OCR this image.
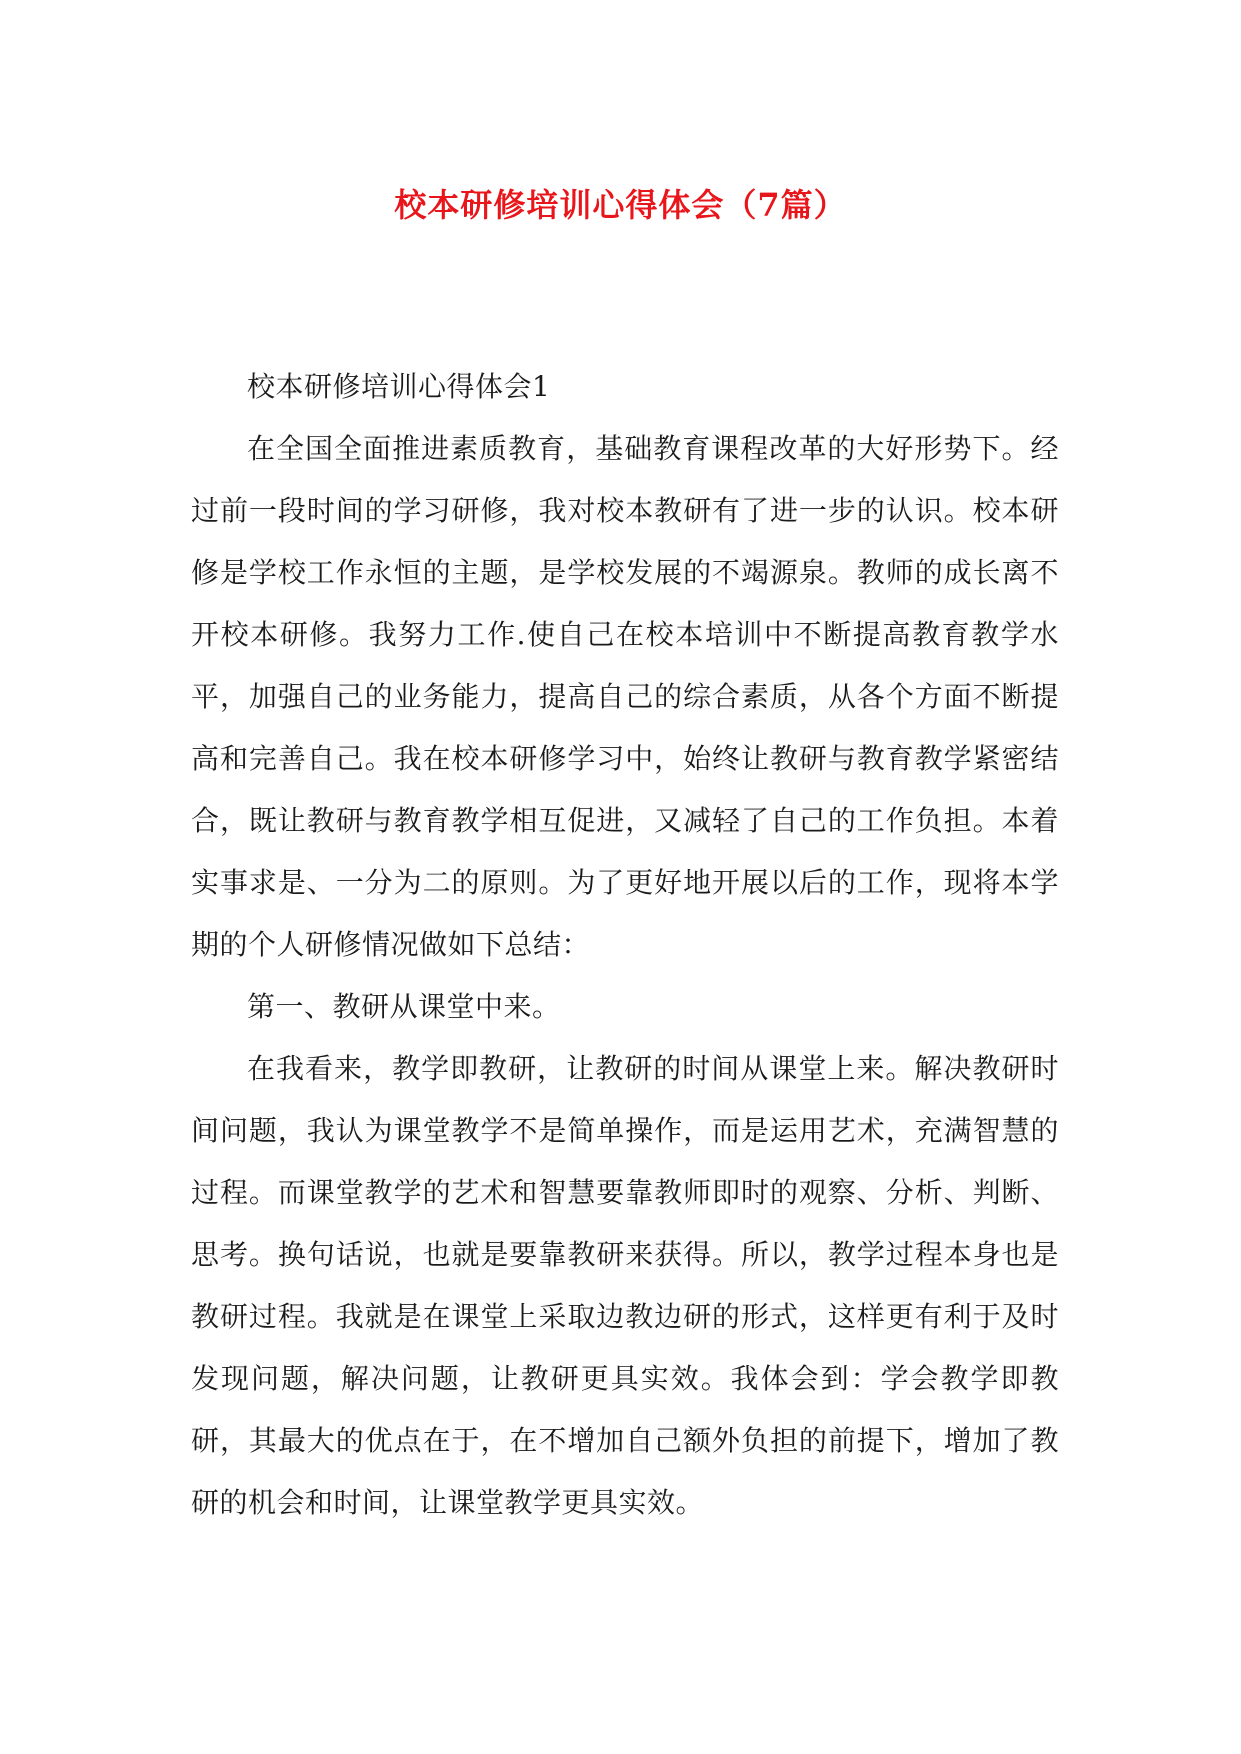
校本研修培训心得体会（7篇）

校本研修培训心得体会1

在全国全面推进素质教育，基础教育课程改革的大好形势下。经过前一段时间的学习研修，我对校本教研有了进一步的认识。校本研修是学校工作永恒的主题，是学校发展的不竭源泉。教师的成长离不开校本研修。我努力工作.使自己在校本培训中不断提高教育教学水平，加强自己的业务能力，提高自己的综合素质，从各个方面不断提高和完善自己。我在校本研修学习中，始终让教研与教育教学紧密结合，既让教研与教育教学相互促进，又减轻了自己的工作负担。本着实事求是、一分为二的原则。为了更好地开展以后的工作，现将本学期的个人研修情况做如下总结：

第一、教研从课堂中来。

在我看来，教学即教研，让教研的时间从课堂上来。解决教研时间问题，我认为课堂教学不是简单操作，而是运用艺术，充满智慧的过程。而课堂教学的艺术和智慧要靠教师即时的观察、分析、判断、思考。换句话说，也就是要靠教研来获得。所以，教学过程本身也是教研过程。我就是在课堂上采取边教边研的形式，这样更有利于及时发现问题，解决问题，让教研更具实效。我体会到：学会教学即教研，其最大的优点在于，在不增加自己额外负担的前提下，增加了教研的机会和时间，让课堂教学更具实效。
